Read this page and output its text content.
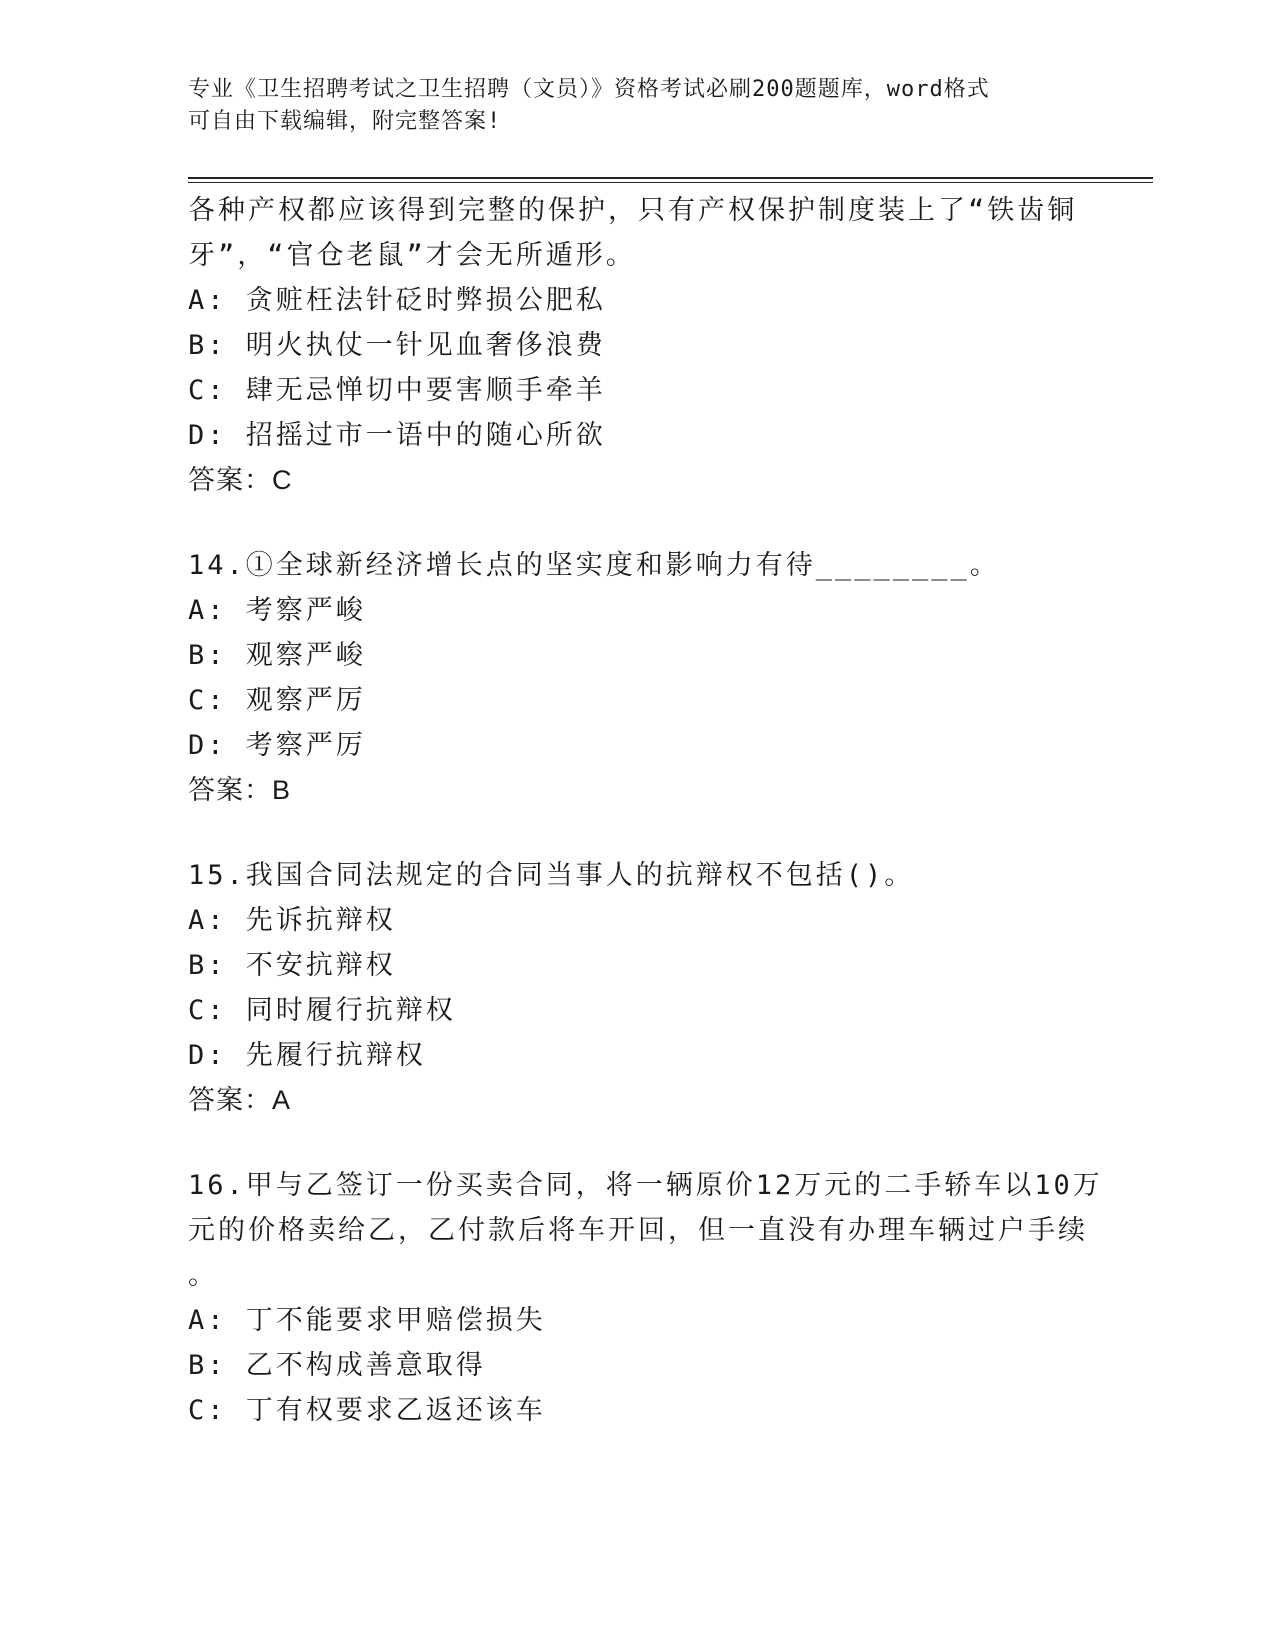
专业《卫生招聘考试之卫生招聘（文员）》资格考试必刷200题题库，word格式
可自由下载编辑，附完整答案!
各种产权都应该得到完整的保护，只有产权保护制度装上了“铁齿铜
牙”，“官仓老鼠”才会无所遁形。
A: 贪赃枉法针砭时弊损公肥私
B: 明火执仗一针见血奢侈浪费
C: 肆无忌惮切中要害顺手牵羊
D: 招摇过市一语中的随心所欲
答案：C
14.①全球新经济增长点的坚实度和影响力有待________。
A: 考察严峻
B: 观察严峻
C: 观察严厉
D: 考察严厉
答案：B
15.我国合同法规定的合同当事人的抗辩权不包括()。
A: 先诉抗辩权
B: 不安抗辩权
C: 同时履行抗辩权
D: 先履行抗辩权
答案：A
16.甲与乙签订一份买卖合同，将一辆原价12万元的二手轿车以10万
元的价格卖给乙，乙付款后将车开回，但一直没有办理车辆过户手续
。
A: 丁不能要求甲赔偿损失
B: 乙不构成善意取得
C: 丁有权要求乙返还该车
